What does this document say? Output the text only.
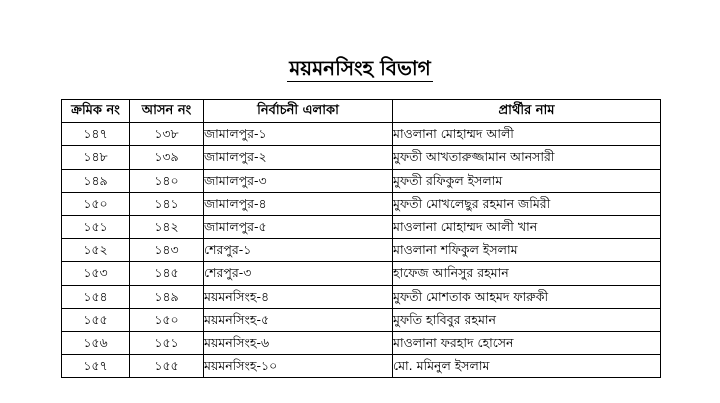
ময়মনসিংহ বিভাগ
ক্রমিক নং	আসন নং	নির্বাচনী এলাকা	প্রার্থীর নাম
১৪৭	১৩৮	জামালপুর-১	মাওলানা মোহাম্মদ আলী
১৪৮	১৩৯	জামালপুর-২	মুফতী আখতারুজ্জামান আনসারী
১৪৯	১৪০	জামালপুর-৩	মুফতী রফিকুল ইসলাম
১৫০	১৪১	জামালপুর-৪	মুফতী মোখলেছুর রহমান জমিরী
১৫১	১৪২	জামালপুর-৫	মাওলানা মোহাম্মদ আলী খান
১৫২	১৪৩	শেরপুর-১	মাওলানা শফিকুল ইসলাম
১৫৩	১৪৫	শেরপুর-৩	হাফেজ আনিসুর রহমান
১৫৪	১৪৯	ময়মনসিংহ-৪	মুফতী মোশতাক আহমদ ফারুকী
১৫৫	১৫০	ময়মনসিংহ-৫	মুফতি হাবিবুর রহমান
১৫৬	১৫১	ময়মনসিংহ-৬	মাওলানা ফরহাদ হোসেন
১৫৭	১৫৫	ময়মনসিংহ-১০	মো. মমিনুল ইসলাম
